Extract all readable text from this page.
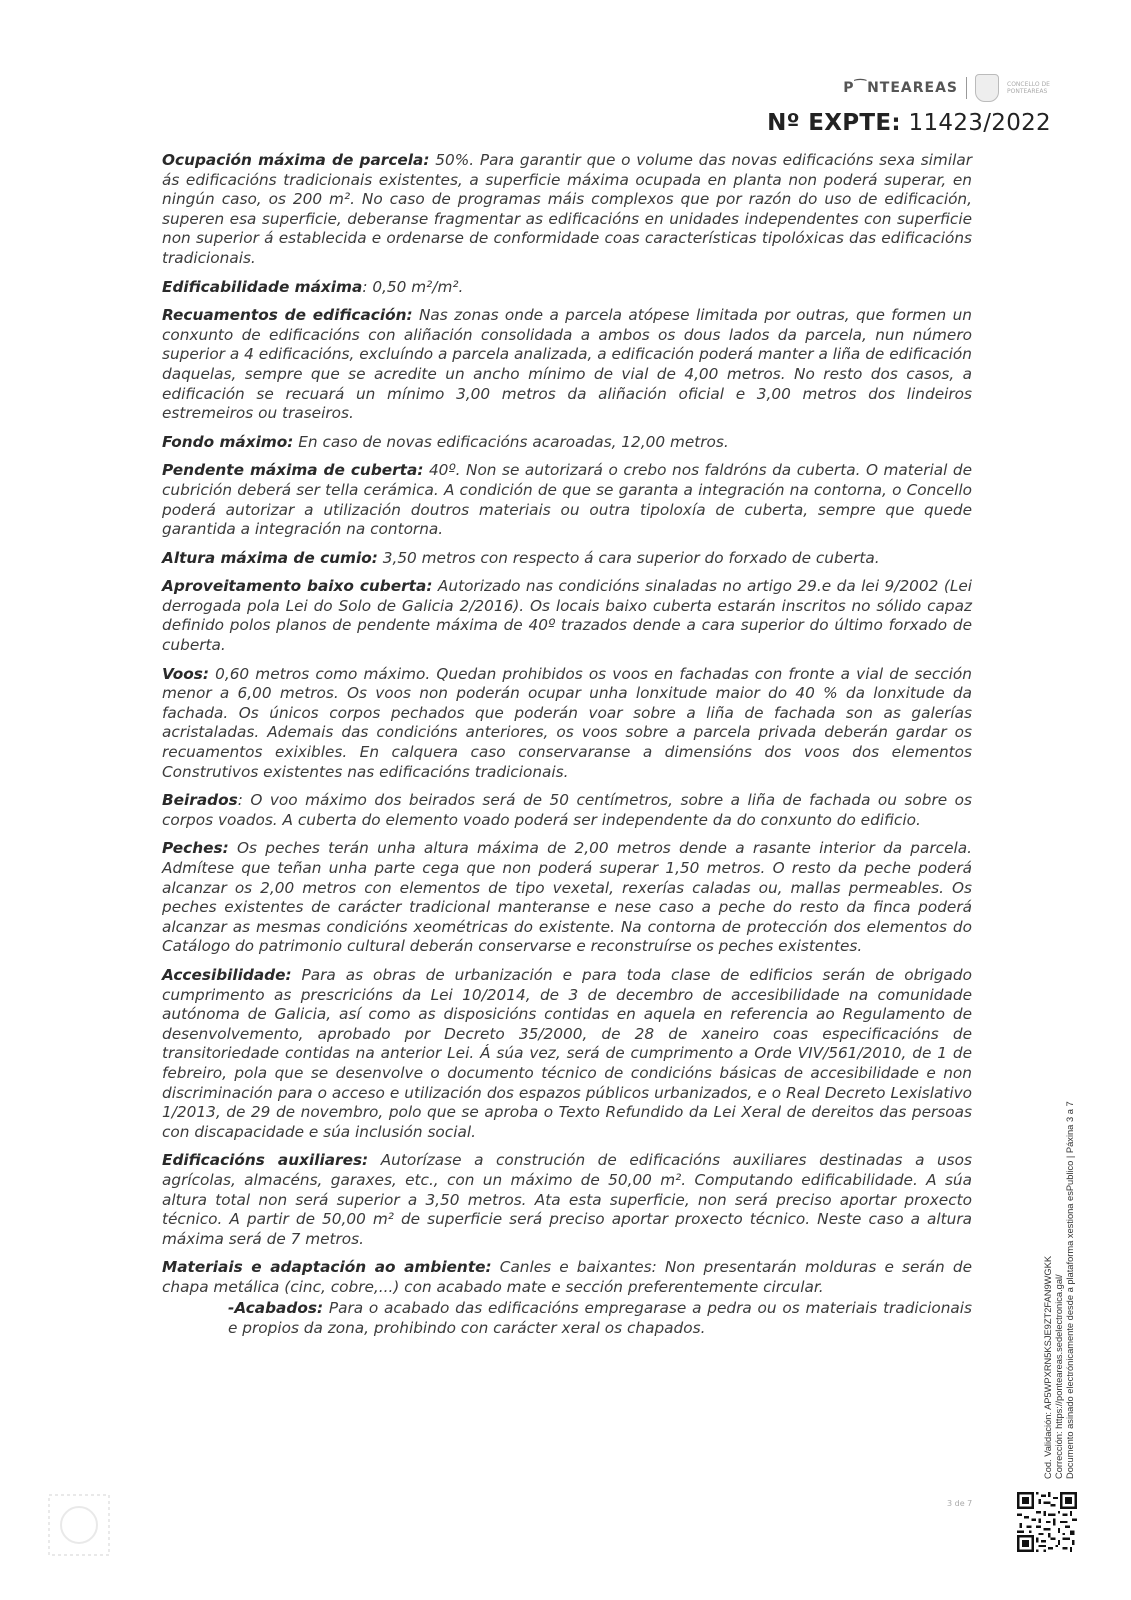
P⁀NTEAREAS	CONCELLO DE PONTEAREAS
Nº EXPTE: 11423/2022

Ocupación máxima de parcela: 50%. Para garantir que o volume das novas edificacións sexa similar ás edificacións tradicionais existentes, a superficie máxima ocupada en planta non poderá superar, en ningún caso, os 200 m². No caso de programas máis complexos que por razón do uso de edificación, superen esa superficie, deberanse fragmentar as edificacións en unidades independentes con superficie non superior á establecida e ordenarse de conformidade coas características tipolóxicas das edificacións tradicionais.

Edificabilidade máxima: 0,50 m²/m².

Recuamentos de edificación: Nas zonas onde a parcela atópese limitada por outras, que formen un conxunto de edificacións con aliñación consolidada a ambos os dous lados da parcela, nun número superior a 4 edificacións, excluíndo a parcela analizada, a edificación poderá manter a liña de edificación daquelas, sempre que se acredite un ancho mínimo de vial de 4,00 metros. No resto dos casos, a edificación se recuará un mínimo 3,00 metros da aliñación oficial e 3,00 metros dos lindeiros estremeiros ou traseiros.

Fondo máximo: En caso de novas edificacións acaroadas, 12,00 metros.

Pendente máxima de cuberta: 40º. Non se autorizará o crebo nos faldróns da cuberta. O material de cubrición deberá ser tella cerámica. A condición de que se garanta a integración na contorna, o Concello poderá autorizar a utilización doutros materiais ou outra tipoloxía de cuberta, sempre que quede garantida a integración na contorna.

Altura máxima de cumio: 3,50 metros con respecto á cara superior do forxado de cuberta.

Aproveitamento baixo cuberta: Autorizado nas condicións sinaladas no artigo 29.e da lei 9/2002 (Lei derrogada pola Lei do Solo de Galicia 2/2016). Os locais baixo cuberta estarán inscritos no sólido capaz definido polos planos de pendente máxima de 40º trazados dende a cara superior do último forxado de cuberta.

Voos: 0,60 metros como máximo. Quedan prohibidos os voos en fachadas con fronte a vial de sección menor a 6,00 metros. Os voos non poderán ocupar unha lonxitude maior do 40 % da lonxitude da fachada. Os únicos corpos pechados que poderán voar sobre a liña de fachada son as galerías acristaladas. Ademais das condicións anteriores, os voos sobre a parcela privada deberán gardar os recuamentos exixibles. En calquera caso conservaranse a dimensións dos voos dos elementos Construtivos existentes nas edificacións tradicionais.

Beirados: O voo máximo dos beirados será de 50 centímetros, sobre a liña de fachada ou sobre os corpos voados. A cuberta do elemento voado poderá ser independente da do conxunto do edificio.

Peches: Os peches terán unha altura máxima de 2,00 metros dende a rasante interior da parcela. Admítese que teñan unha parte cega que non poderá superar 1,50 metros. O resto da peche poderá alcanzar os 2,00 metros con elementos de tipo vexetal, rexerías caladas ou, mallas permeables. Os peches existentes de carácter tradicional manteranse e nese caso a peche do resto da finca poderá alcanzar as mesmas condicións xeométricas do existente. Na contorna de protección dos elementos do Catálogo do patrimonio cultural deberán conservarse e reconstruírse os peches existentes.

Accesibilidade: Para as obras de urbanización e para toda clase de edificios serán de obrigado cumprimento as prescricións da Lei 10/2014, de 3 de decembro de accesibilidade na comunidade autónoma de Galicia, así como as disposicións contidas en aquela en referencia ao Regulamento de desenvolvemento, aprobado por Decreto 35/2000, de 28 de xaneiro coas especificacións de transitoriedade contidas na anterior Lei. Á súa vez, será de cumprimento a Orde VIV/561/2010, de 1 de febreiro, pola que se desenvolve o documento técnico de condicións básicas de accesibilidade e non discriminación para o acceso e utilización dos espazos públicos urbanizados, e o Real Decreto Lexislativo 1/2013, de 29 de novembro, polo que se aproba o Texto Refundido da Lei Xeral de dereitos das persoas con discapacidade e súa inclusión social.

Edificacións auxiliares: Autorízase a construción de edificacións auxiliares destinadas a usos agrícolas, almacéns, garaxes, etc., con un máximo de 50,00 m². Computando edificabilidade. A súa altura total non será superior a 3,50 metros. Ata esta superficie, non será preciso aportar proxecto técnico. A partir de 50,00 m² de superficie será preciso aportar proxecto técnico. Neste caso a altura máxima será de 7 metros.

Materiais e adaptación ao ambiente: Canles e baixantes: Non presentarán molduras e serán de chapa metálica (cinc, cobre,...) con acabado mate e sección preferentemente circular.

-Acabados: Para o acabado das edificacións empregarase a pedra ou os materiais tradicionais e propios da zona, prohibindo con carácter xeral os chapados.	Cod. Validación: AP5WPXRN5KSJE9ZT2FAN9WGKK Corrección: https://ponteareas.sedelectronica.gal/ Documento asinado electrónicamente desde a plataforma xestiona esPublico | Páxina 3 a 7
3 de 7
